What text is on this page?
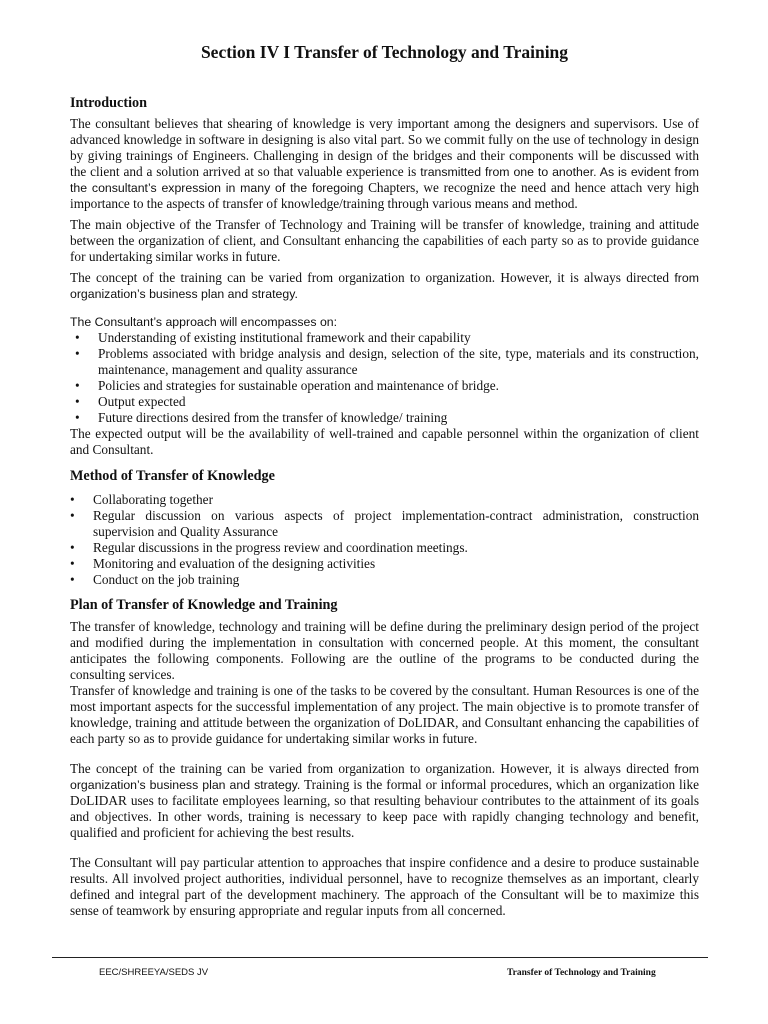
Section IV I Transfer of Technology and Training
Introduction

The consultant believes that shearing of knowledge is very important among the designers and supervisors. Use of advanced knowledge in software in designing is also vital part. So we commit fully on the use of technology in design by giving trainings of Engineers. Challenging in design of the bridges and their components will be discussed with the client and a solution arrived at so that valuable experience is transmitted from one to another. As is evident from the consultant’s expression in many of the foregoing Chapters, we recognize the need and hence attach very high importance to the aspects of transfer of knowledge/training through various means and method.

The main objective of the Transfer of Technology and Training will be transfer of knowledge, training and attitude between the organization of client, and Consultant enhancing the capabilities of each party so as to provide guidance for undertaking similar works in future.

The concept of the training can be varied from organization to organization. However, it is always directed from organization’s business plan and strategy.

The Consultant’s approach will encompasses on:

• Understanding of existing institutional framework and their capability
• Problems associated with bridge analysis and design, selection of the site, type, materials and its construction, maintenance, management and quality assurance
• Policies and strategies for sustainable operation and maintenance of bridge.
• Output expected
• Future directions desired from the transfer of knowledge/ training

The expected output will be the availability of well-trained and capable personnel within the organization of client and Consultant.

Method of Transfer of Knowledge
• Collaborating together
• Regular discussion on various aspects of project implementation-contract administration, construction supervision and Quality Assurance
• Regular discussions in the progress review and coordination meetings.
• Monitoring and evaluation of the designing activities
• Conduct on the job training
Plan of Transfer of Knowledge and Training

The transfer of knowledge, technology and training will be define during the preliminary design period of the project and modified during the implementation in consultation with concerned people. At this moment, the consultant anticipates the following components. Following are the outline of the programs to be conducted during the consulting services.

Transfer of knowledge and training is one of the tasks to be covered by the consultant. Human Resources is one of the most important aspects for the successful implementation of any project. The main objective is to promote transfer of knowledge, training and attitude between the organization of DoLIDAR, and Consultant enhancing the capabilities of each party so as to provide guidance for undertaking similar works in future.

The concept of the training can be varied from organization to organization. However, it is always directed from organization’s business plan and strategy. Training is the formal or informal procedures, which an organization like DoLIDAR uses to facilitate employees learning, so that resulting behaviour contributes to the attainment of its goals and objectives. In other words, training is necessary to keep pace with rapidly changing technology and benefit, qualified and proficient for achieving the best results.

The Consultant will pay particular attention to approaches that inspire confidence and a desire to produce sustainable results. All involved project authorities, individual personnel, have to recognize themselves as an important, clearly defined and integral part of the development machinery. The approach of the Consultant will be to maximize this sense of teamwork by ensuring appropriate and regular inputs from all concerned.

EEC/SHREEYA/SEDS JV	Transfer of Technology and Training
